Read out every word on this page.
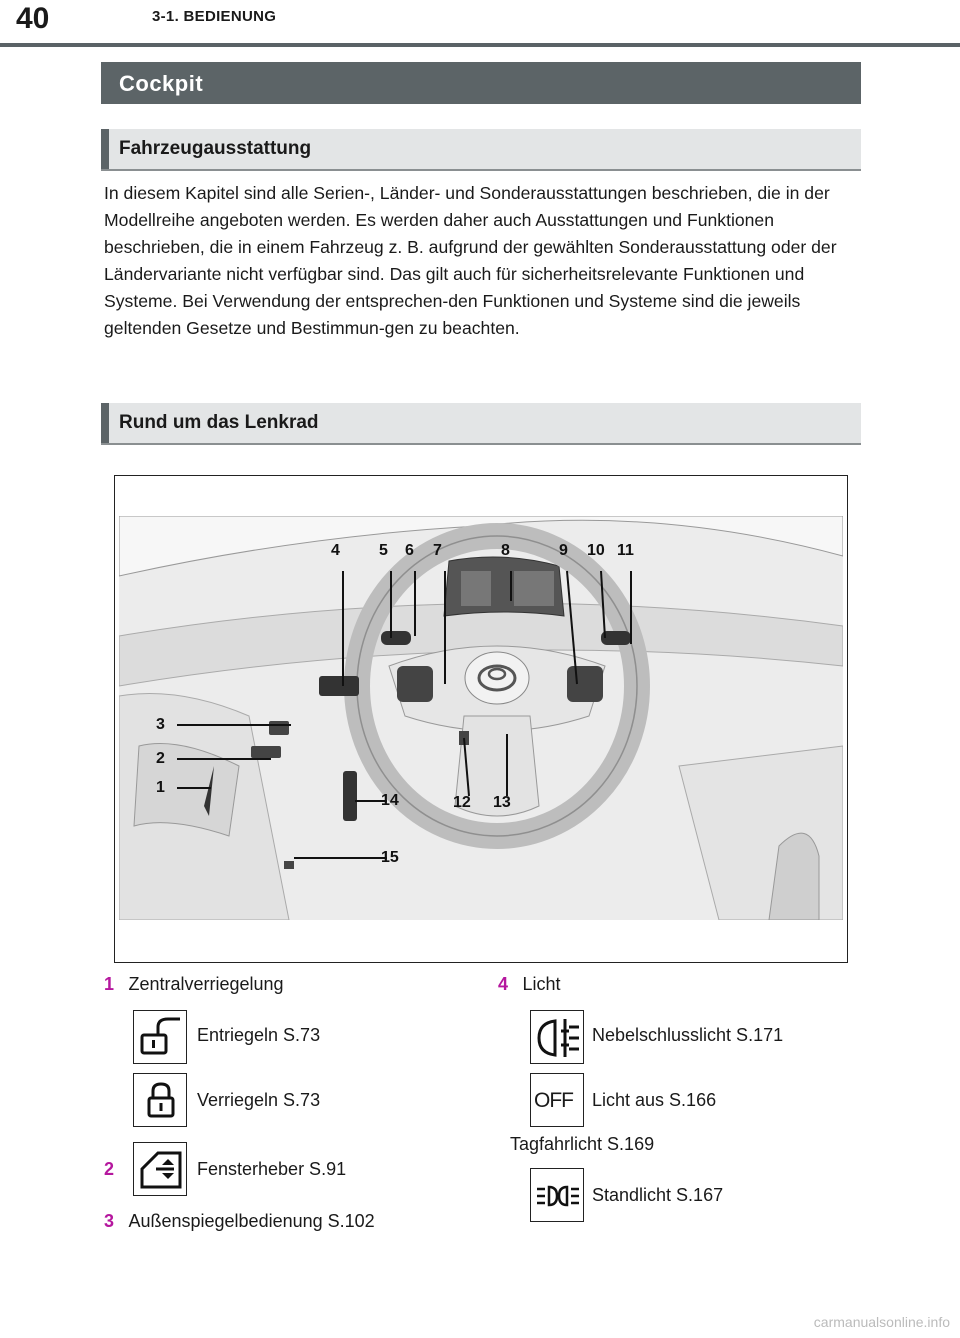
40	3-1. BEDIENUNG
Cockpit
Fahrzeugausstattung
In diesem Kapitel sind alle Serien-, Länder- und Sonderausstattungen beschrieben, die in der Modellreihe angeboten werden. Es werden daher auch Ausstattungen und Funktionen beschrieben, die in einem Fahrzeug z. B. aufgrund der gewählten Sonderausstattung oder der Ländervariante nicht verfügbar sind. Das gilt auch für sicherheitsrelevante Funktionen und Systeme. Bei Verwendung der entsprechen-den Funktionen und Systeme sind die jeweils geltenden Gesetze und Bestimmun-gen zu beachten.
Rund um das Lenkrad
4 5 6 7	8	9 10 11
3
2
1
14	12 13
15
1 Zentralverriegelung
Entriegeln S.73
Verriegeln S.73
2	Fensterheber S.91
3 Außenspiegelbedienung S.102
4 Licht
Nebelschlusslicht S.171
OFF Licht aus S.166
Tagfahrlicht S.169
Standlicht S.167
carmanualsonline.info
